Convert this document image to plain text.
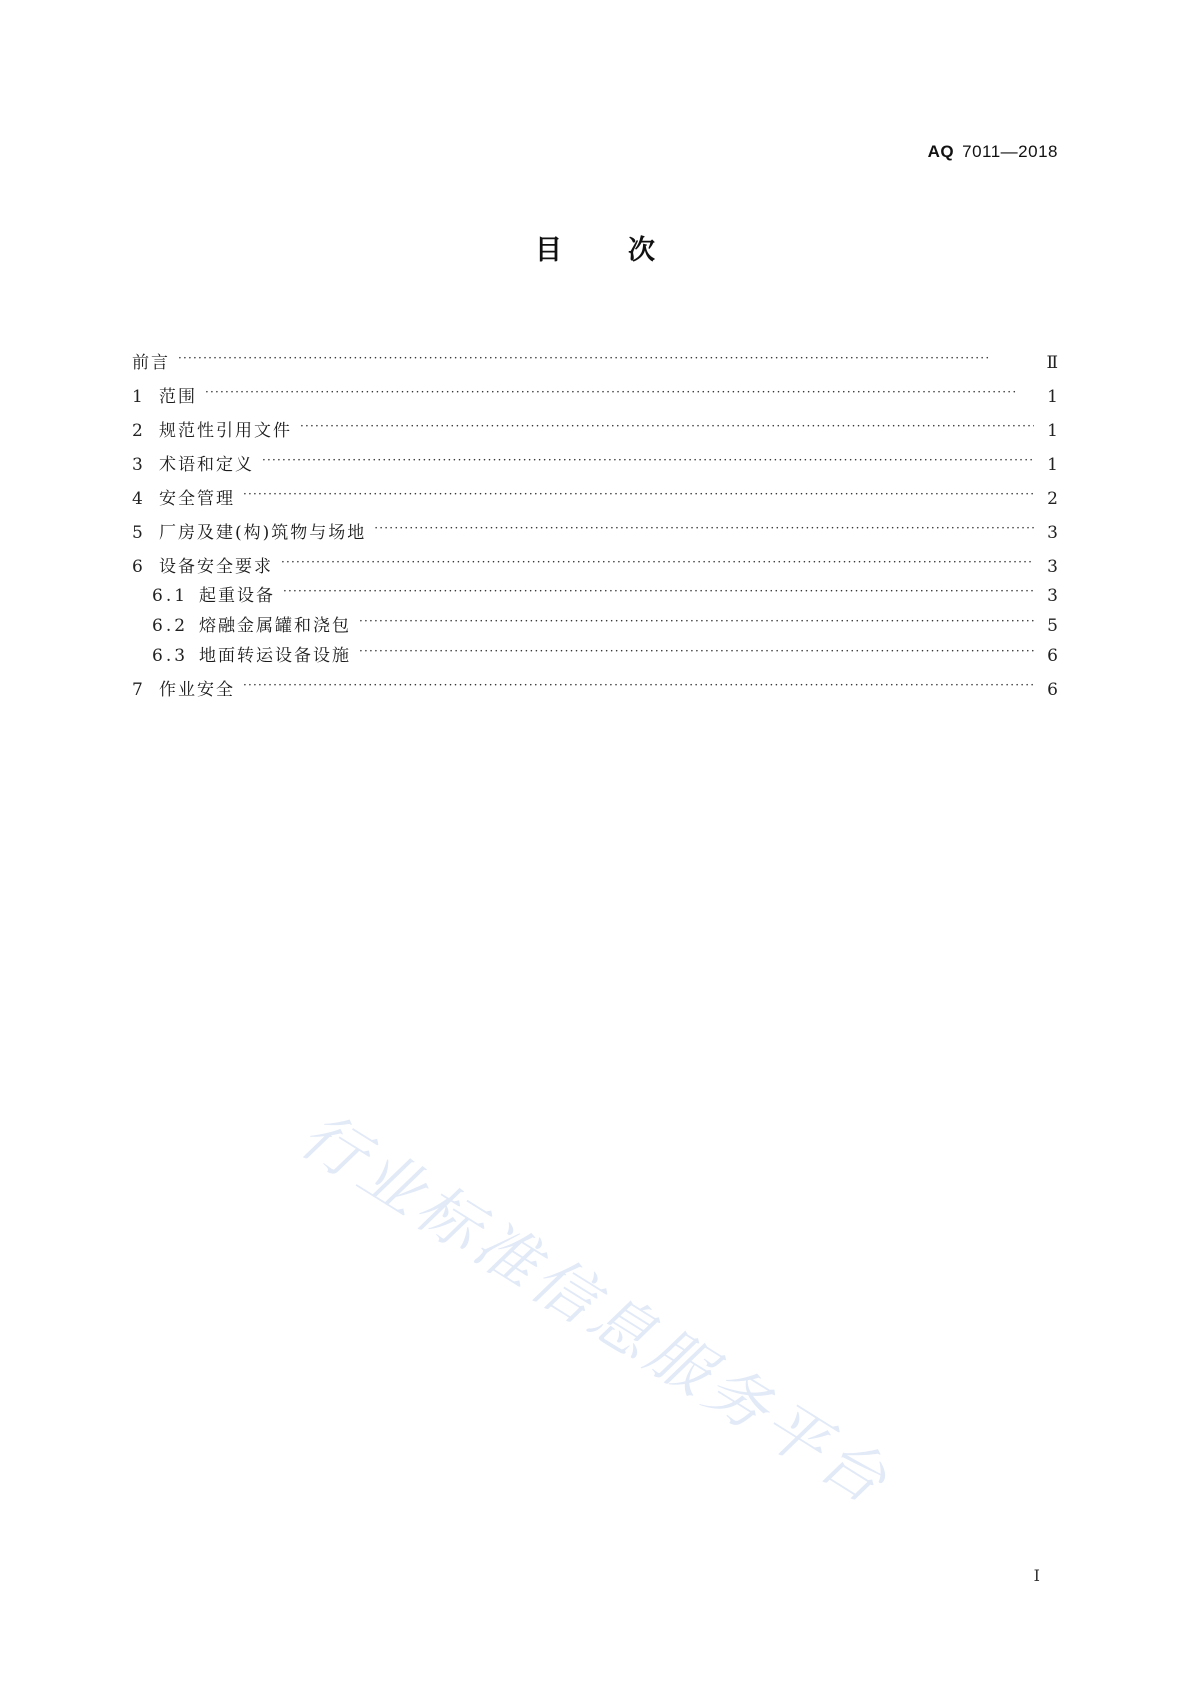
AQ 7011—2018
目次
前言 ·····	Ⅱ
1 范围 ·····	1
2 规范性引用文件 ·····	1
3 术语和定义 ·····	1
4 安全管理 ·····	2
5 厂房及建(构)筑物与场地 ·····	3
6 设备安全要求 ·····	3
6.1 起重设备 ·····	3
6.2 熔融金属罐和浇包 ·····	5
6.3 地面转运设备设施 ·····	6
7 作业安全 ·····	6
行业标准信息服务平台
I
